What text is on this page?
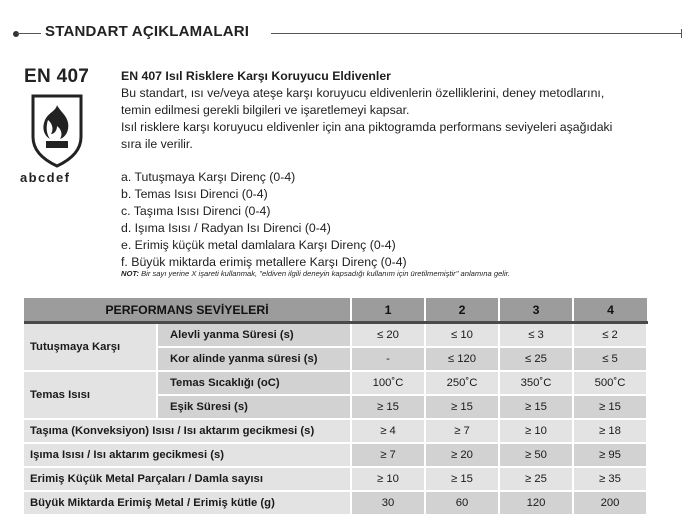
STANDART AÇIKLAMALARI
EN 407
abcdef
EN 407 Isıl Risklere Karşı Koruyucu Eldivenler
Bu standart, ısı ve/veya ateşe karşı koruyucu eldivenlerin özelliklerini, deney metodlarını,
temin edilmesi gerekli bilgileri ve işaretlemeyi kapsar.
Isıl risklere karşı koruyucu eldivenler için ana piktogramda performans seviyeleri aşağıdaki
sıra ile verilir.
a. Tutuşmaya Karşı Direnç (0-4)
b. Temas Isısı Direnci (0-4)
c. Taşıma Isısı Direnci (0-4)
d. Işıma Isısı / Radyan Isı Direnci (0-4)
e. Erimiş küçük metal damlalara Karşı Direnç (0-4)
f. Büyük miktarda erimiş metallere Karşı Direnç (0-4)
NOT: Bir sayı yerine X işareti kullanmak, "eldiven ilgili deneyin kapsadığı kullanım için üretilmemiştir" anlamına gelir.
PERFORMANS SEVİYELERİ		1	2	3	4
Tutuşmaya Karşı	Alevli yanma Süresi (s)	≤ 20	≤ 10	≤ 3	≤ 2
	Kor alinde yanma süresi (s)	-	≤ 120	≤ 25	≤ 5
Temas Isısı	Temas Sıcaklığı (oC)	100˚C	250˚C	350˚C	500˚C
	Eşik Süresi (s)	≥ 15	≥ 15	≥ 15	≥ 15
Taşıma (Konveksiyon) Isısı / Isı aktarım gecikmesi (s)		≥ 4	≥ 7	≥ 10	≥ 18
Işıma Isısı / Isı aktarım gecikmesi (s)		≥ 7	≥ 20	≥ 50	≥ 95
Erimiş Küçük Metal Parçaları / Damla sayısı		≥ 10	≥ 15	≥ 25	≥ 35
Büyük Miktarda Erimiş Metal / Erimiş kütle (g)		30	60	120	200
